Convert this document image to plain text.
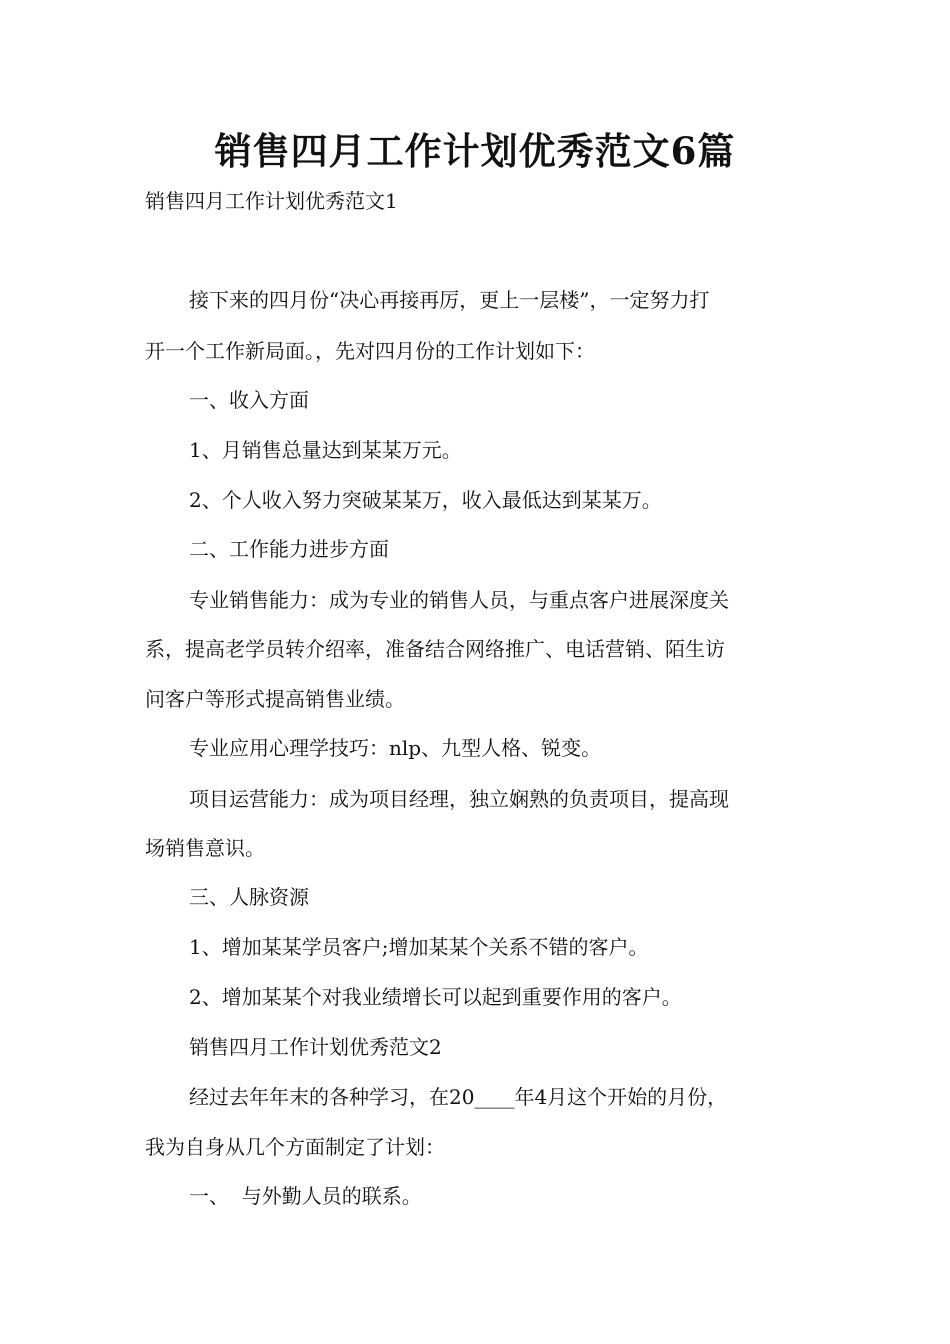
销售四月工作计划优秀范文6篇
销售四月工作计划优秀范文1
接下来的四月份“决心再接再厉，更上一层楼”，一定努力打
开一个工作新局面。，先对四月份的工作计划如下：
一、收入方面
1、月销售总量达到某某万元。
2、个人收入努力突破某某万，收入最低达到某某万。
二、工作能力进步方面
专业销售能力：成为专业的销售人员，与重点客户进展深度关
系，提高老学员转介绍率，准备结合网络推广、电话营销、陌生访
问客户等形式提高销售业绩。
专业应用心理学技巧：nlp、九型人格、锐变。
项目运营能力：成为项目经理，独立娴熟的负责项目，提高现
场销售意识。
三、人脉资源
1、增加某某学员客户;增加某某个关系不错的客户。
2、增加某某个对我业绩增长可以起到重要作用的客户。
销售四月工作计划优秀范文2
经过去年年末的各种学习，在20____年4月这个开始的月份，
我为自身从几个方面制定了计划：
一、  与外勤人员的联系。
